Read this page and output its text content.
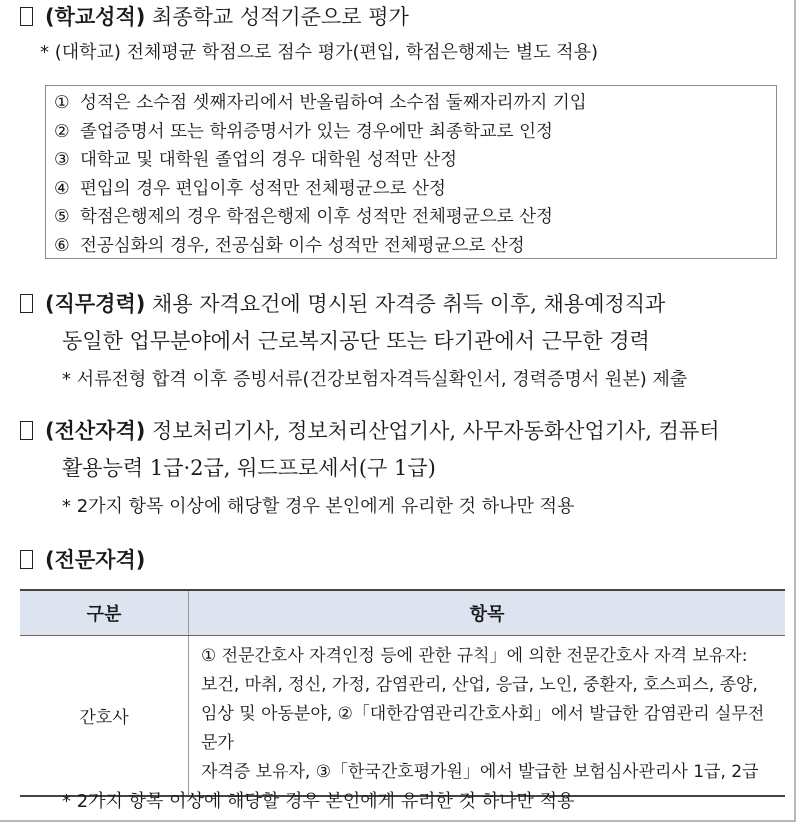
(학교성적) 최종학교 성적기준으로 평가
* (대학교) 전체평균 학점으로 점수 평가(편입, 학점은행제는 별도 적용)
① 성적은 소수점 셋째자리에서 반올림하여 소수점 둘째자리까지 기입
② 졸업증명서 또는 학위증명서가 있는 경우에만 최종학교로 인정
③ 대학교 및 대학원 졸업의 경우 대학원 성적만 산정
④ 편입의 경우 편입이후 성적만 전체평균으로 산정
⑤ 학점은행제의 경우 학점은행제 이후 성적만 전체평균으로 산정
⑥ 전공심화의 경우, 전공심화 이수 성적만 전체평균으로 산정
(직무경력) 채용 자격요건에 명시된 자격증 취득 이후, 채용예정직과
동일한 업무분야에서 근로복지공단 또는 타기관에서 근무한 경력
* 서류전형 합격 이후 증빙서류(건강보험자격득실확인서, 경력증명서 원본) 제출
(전산자격) 정보처리기사, 정보처리산업기사, 사무자동화산업기사, 컴퓨터
활용능력 1급·2급, 워드프로세서(구 1급)
* 2가지 항목 이상에 해당할 경우 본인에게 유리한 것 하나만 적용
(전문자격)
구분	항목
간호사	① 전문간호사 자격인정 등에 관한 규칙」에 의한 전문간호사 자격 보유자:
보건, 마취, 정신, 가정, 감염관리, 산업, 응급, 노인, 중환자, 호스피스, 종양,
임상 및 아동분야, ②「대한감염관리간호사회」에서 발급한 감염관리 실무전문가
자격증 보유자, ③「한국간호평가원」에서 발급한 보험심사관리사 1급, 2급
* 2가지 항목 이상에 해당할 경우 본인에게 유리한 것 하나만 적용
